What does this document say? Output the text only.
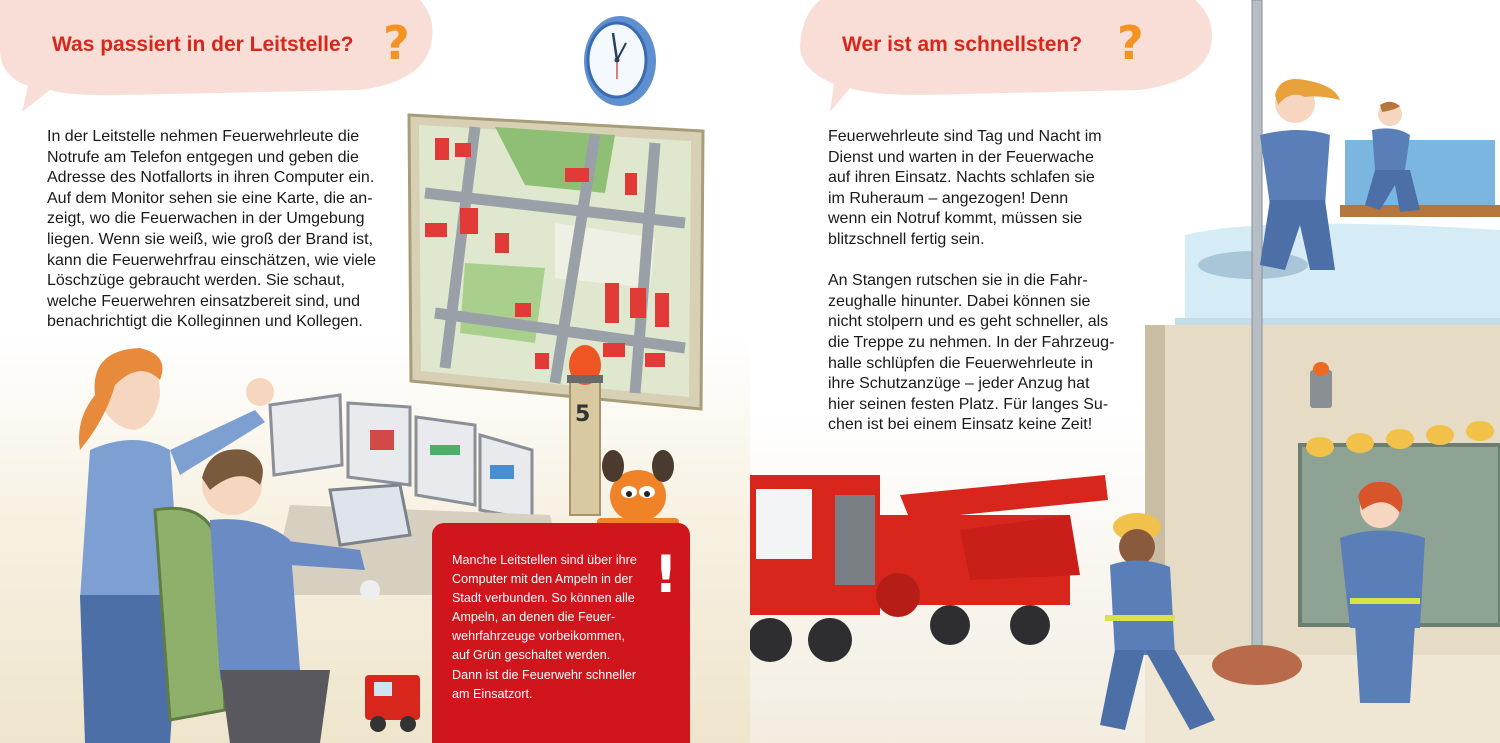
Was passiert in der Leitstelle? ?

In der Leitstelle nehmen Feuerwehrleute die
Notrufe am Telefon entgegen und geben die
Adresse des Notfallorts in ihren Computer ein.
Auf dem Monitor sehen sie eine Karte, die an-
zeigt, wo die Feuerwachen in der Umgebung
liegen. Wenn sie weiß, wie groß der Brand ist,
kann die Feuerwehrfrau einschätzen, wie viele
Löschzüge gebraucht werden. Sie schaut,
welche Feuerwehren einsatzbereit sind, und
benachrichtigt die Kolleginnen und Kollegen.

5

Manche Leitstellen sind über ihre
Computer mit den Ampeln in der
Stadt verbunden. So können alle
Ampeln, an denen die Feuer-
wehrfahrzeuge vorbeikommen,
auf Grün geschaltet werden.
Dann ist die Feuerwehr schneller
am Einsatzort.

!
Wer ist am schnellsten? ?

Feuerwehrleute sind Tag und Nacht im
Dienst und warten in der Feuerwache
auf ihren Einsatz. Nachts schlafen sie
im Ruheraum – angezogen! Denn
wenn ein Notruf kommt, müssen sie
blitzschnell fertig sein.

An Stangen rutschen sie in die Fahr-
zeughalle hinunter. Dabei können sie
nicht stolpern und es geht schneller, als
die Treppe zu nehmen. In der Fahrzeug-
halle schlüpfen die Feuerwehrleute in
ihre Schutzanzüge – jeder Anzug hat
hier seinen festen Platz. Für langes Su-
chen ist bei einem Einsatz keine Zeit!
